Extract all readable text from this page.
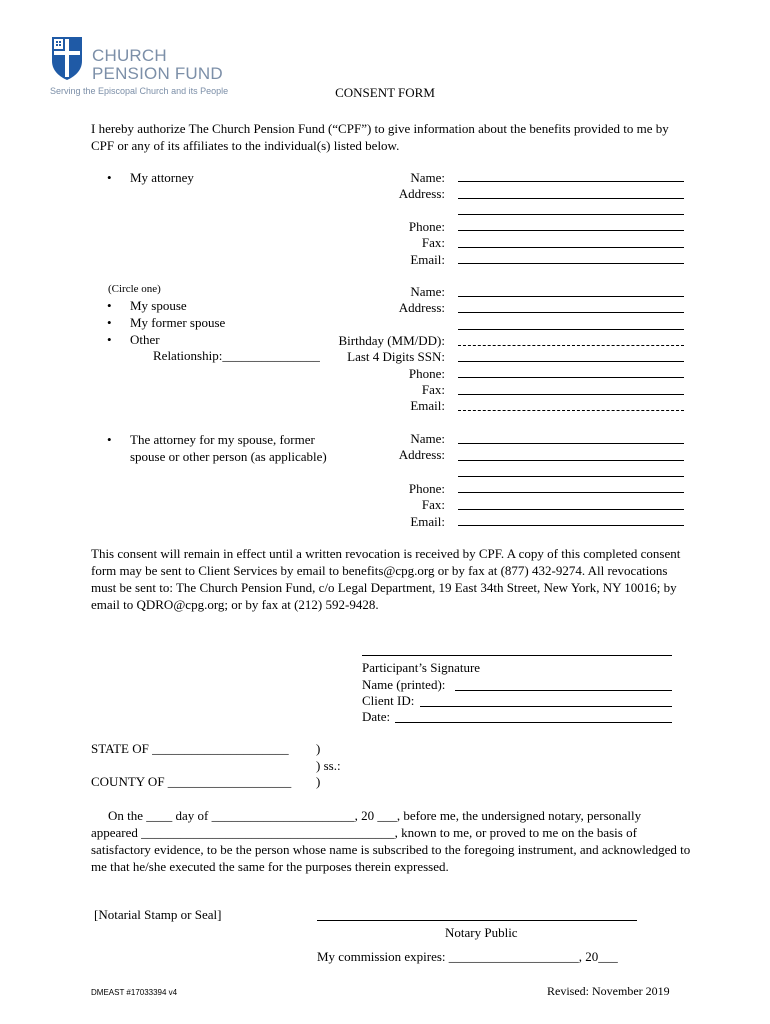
CHURCH
PENSION FUND
Serving the Episcopal Church and its People	CONSENT FORM
I hereby authorize The Church Pension Fund (“CPF”) to give information about the benefits provided to me by CPF or any of its affiliates to the individual(s) listed below.
• My attorney	Name:
Address:
Phone:
Fax:
Email:
(Circle one)
• My spouse
• My former spouse
• Other
Relationship:_______________
Name:
Address:
Birthday (MM/DD):
Last 4 Digits SSN:
Phone:
Fax:
Email:
• The attorney for my spouse, former spouse or other person (as applicable)
Name:
Address:
Phone:
Fax:
Email:
This consent will remain in effect until a written revocation is received by CPF. A copy of this completed consent form may be sent to Client Services by email to benefits@cpg.org or by fax at (877) 432-9274. All revocations must be sent to: The Church Pension Fund, c/o Legal Department, 19 East 34th Street, New York, NY 10016; by email to QDRO@cpg.org; or by fax at (212) 592-9428.
Participant’s Signature
Name (printed):
Client ID:
Date:
STATE OF _____________________ )
) ss.:
COUNTY OF ___________________ )
On the ____ day of ______________________, 20 ___, before me, the undersigned notary, personally appeared _______________________________________, known to me, or proved to me on the basis of satisfactory evidence, to be the person whose name is subscribed to the foregoing instrument, and acknowledged to me that he/she executed the same for the purposes therein expressed.
[Notarial Stamp or Seal]
Notary Public
My commission expires: ____________________, 20___
DMEAST #17033394 v4	Revised: November 2019
